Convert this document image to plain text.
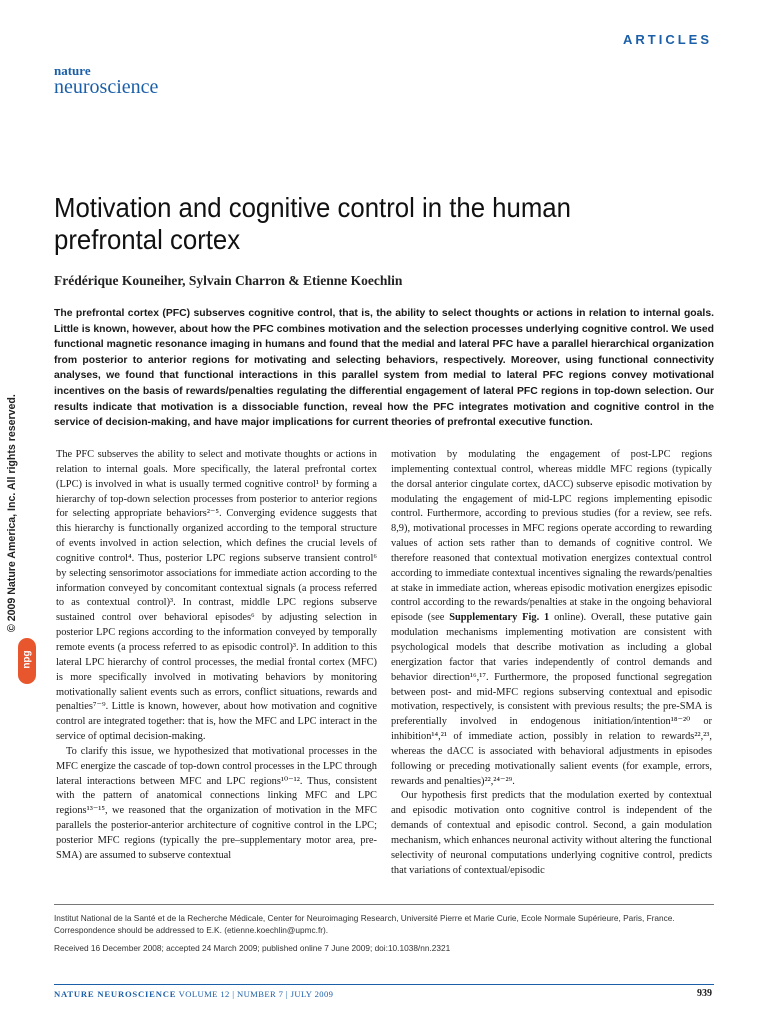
ARTICLES
nature
neuroscience
Motivation and cognitive control in the human prefrontal cortex
Frédérique Kouneiher, Sylvain Charron & Etienne Koechlin
The prefrontal cortex (PFC) subserves cognitive control, that is, the ability to select thoughts or actions in relation to internal goals. Little is known, however, about how the PFC combines motivation and the selection processes underlying cognitive control. We used functional magnetic resonance imaging in humans and found that the medial and lateral PFC have a parallel hierarchical organization from posterior to anterior regions for motivating and selecting behaviors, respectively. Moreover, using functional connectivity analyses, we found that functional interactions in this parallel system from medial to lateral PFC regions convey motivational incentives on the basis of rewards/penalties regulating the differential engagement of lateral PFC regions in top-down selection. Our results indicate that motivation is a dissociable function, reveal how the PFC integrates motivation and cognitive control in the service of decision-making, and have major implications for current theories of prefrontal executive function.
© 2009 Nature America, Inc. All rights reserved.
npg

The PFC subserves the ability to select and motivate thoughts or actions in relation to internal goals. More specifically, the lateral prefrontal cortex (LPC) is involved in what is usually termed cognitive control¹ by forming a hierarchy of top-down selection processes from posterior to anterior regions for selecting appropriate behaviors²⁻⁵. Converging evidence suggests that this hierarchy is functionally organized according to the temporal structure of events involved in action selection, which defines the crucial levels of cognitive control⁴. Thus, posterior LPC regions subserve transient control⁶ by selecting sensorimotor associations for immediate action according to the information conveyed by concomitant contextual signals (a process referred to as contextual control)³. In contrast, middle LPC regions subserve sustained control over behavioral episodes⁶ by adjusting selection in posterior LPC regions according to the information conveyed by temporally remote events (a process referred to as episodic control)³. In addition to this lateral LPC hierarchy of control processes, the medial frontal cortex (MFC) is more specifically involved in motivating behaviors by monitoring motivationally salient events such as errors, conflict situations, rewards and penalties⁷⁻⁹. Little is known, however, about how motivation and cognitive control are integrated together: that is, how the MFC and LPC interact in the service of optimal decision-making.

To clarify this issue, we hypothesized that motivational processes in the MFC energize the cascade of top-down control processes in the LPC through lateral interactions between MFC and LPC regions¹⁰⁻¹². Thus, consistent with the pattern of anatomical connections linking MFC and LPC regions¹³⁻¹⁵, we reasoned that the organization of motivation in the MFC parallels the posterior-anterior architecture of cognitive control in the LPC; posterior MFC regions (typically the pre–supplementary motor area, pre-SMA) are assumed to subserve contextual

motivation by modulating the engagement of post-LPC regions implementing contextual control, whereas middle MFC regions (typically the dorsal anterior cingulate cortex, dACC) subserve episodic motivation by modulating the engagement of mid-LPC regions implementing episodic control. Furthermore, according to previous studies (for a review, see refs. 8,9), motivational processes in MFC regions operate according to rewarding values of action sets rather than to demands of cognitive control. We therefore reasoned that contextual motivation energizes contextual control according to immediate contextual incentives signaling the rewards/penalties at stake in immediate action, whereas episodic motivation energizes episodic control according to the rewards/penalties at stake in the ongoing behavioral episode (see Supplementary Fig. 1 online). Overall, these putative gain modulation mechanisms implementing motivation are consistent with psychological models that describe motivation as including a global energization factor that varies independently of control demands and behavior direction¹⁶,¹⁷. Furthermore, the proposed functional segregation between post- and mid-MFC regions subserving contextual and episodic motivation, respectively, is consistent with previous results; the pre-SMA is preferentially involved in endogenous initiation/intention¹⁸⁻²⁰ or inhibition¹⁴,²¹ of immediate action, possibly in relation to rewards²²,²³, whereas the dACC is associated with behavioral adjustments in episodes following or preceding motivationally salient events (for example, errors, rewards and penalties)²²,²⁴⁻²⁹.

Our hypothesis first predicts that the modulation exerted by contextual and episodic motivation onto cognitive control is independent of the demands of contextual and episodic control. Second, a gain modulation mechanism, which enhances neuronal activity without altering the functional selectivity of neuronal computations underlying cognitive control, predicts that variations of contextual/episodic

Institut National de la Santé et de la Recherche Médicale, Center for Neuroimaging Research, Université Pierre et Marie Curie, Ecole Normale Supérieure, Paris, France.
Correspondence should be addressed to E.K. (etienne.koechlin@upmc.fr).
Received 16 December 2008; accepted 24 March 2009; published online 7 June 2009; doi:10.1038/nn.2321
NATURE NEUROSCIENCE VOLUME 12 | NUMBER 7 | JULY 2009	939
